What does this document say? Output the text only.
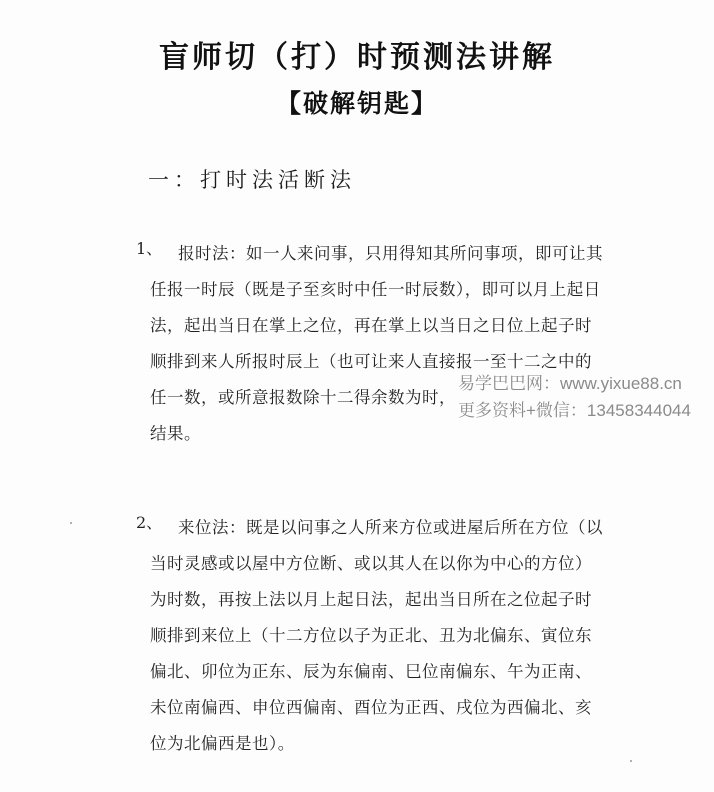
盲师切（打）时预测法讲解
【破解钥匙】
一：打时法活断法
1、 报时法：如一人来问事，只用得知其所问事项，即可让其
任报一时辰（既是子至亥时中任一时辰数），即可以月上起日
法，起出当日在掌上之位，再在掌上以当日之日位上起子时
顺排到来人所报时辰上（也可让来人直接报一至十二之中的
任一数，或所意报数除十二得余数为时，
结果。
2、 来位法：既是以问事之人所来方位或进屋后所在方位（以
当时灵感或以屋中方位断、或以其人在以你为中心的方位）
为时数，再按上法以月上起日法，起出当日所在之位起子时
顺排到来位上（十二方位以子为正北、丑为北偏东、寅位东
偏北、卯位为正东、辰为东偏南、巳位南偏东、午为正南、
未位南偏西、申位西偏南、酉位为正西、戌位为西偏北、亥
位为北偏西是也）。
易学巴巴网：www.yixue88.cn
更多资料+微信：13458344044
